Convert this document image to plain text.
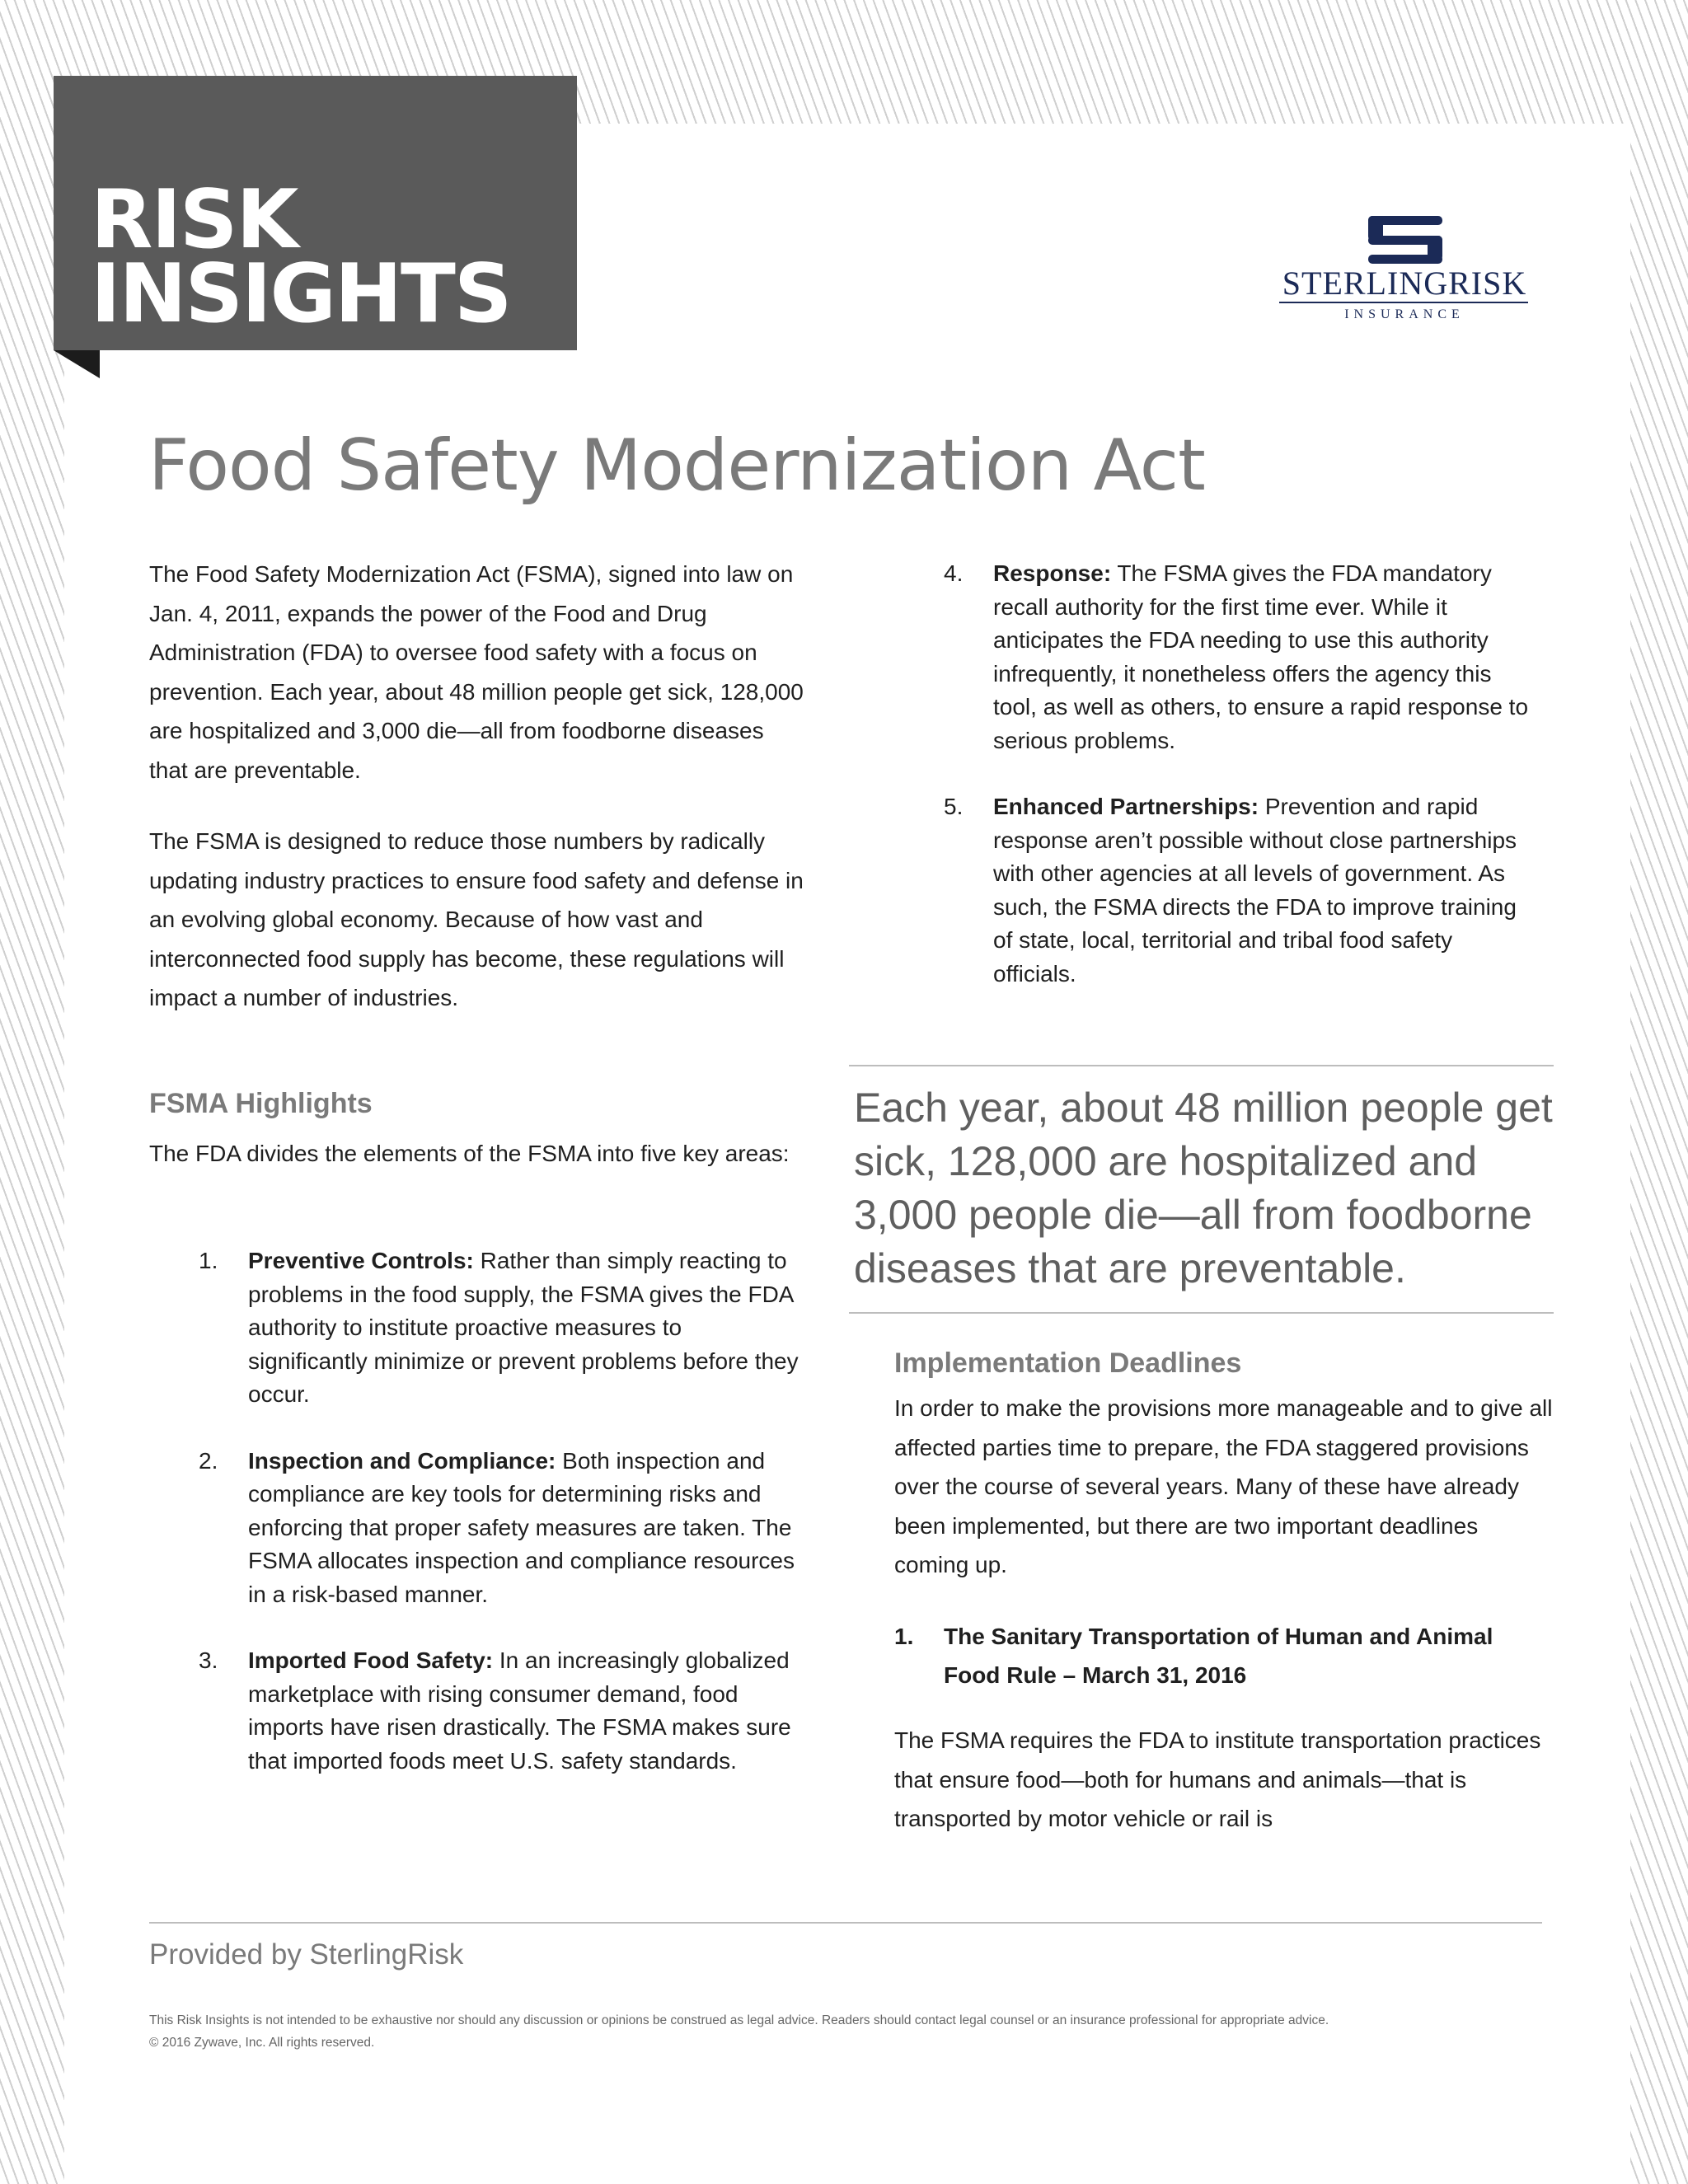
RISK
INSIGHTS	STERLINGRISK
INSURANCE
Food Safety Modernization Act

The Food Safety Modernization Act (FSMA), signed into law on Jan. 4, 2011, expands the power of the Food and Drug Administration (FDA) to oversee food safety with a focus on prevention. Each year, about 48 million people get sick, 128,000 are hospitalized and 3,000 die—all from foodborne diseases that are preventable.

The FSMA is designed to reduce those numbers by radically updating industry practices to ensure food safety and defense in an evolving global economy. Because of how vast and interconnected food supply has become, these regulations will impact a number of industries.

FSMA Highlights

The FDA divides the elements of the FSMA into five key areas:

1. Preventive Controls: Rather than simply reacting to problems in the food supply, the FSMA gives the FDA authority to institute proactive measures to significantly minimize or prevent problems before they occur.
2. Inspection and Compliance: Both inspection and compliance are key tools for determining risks and enforcing that proper safety measures are taken. The FSMA allocates inspection and compliance resources in a risk-based manner.
3. Imported Food Safety: In an increasingly globalized marketplace with rising consumer demand, food imports have risen drastically. The FSMA makes sure that imported foods meet U.S. safety standards.
4. Response: The FSMA gives the FDA mandatory recall authority for the first time ever. While it anticipates the FDA needing to use this authority infrequently, it nonetheless offers the agency this tool, as well as others, to ensure a rapid response to serious problems.
5. Enhanced Partnerships: Prevention and rapid response aren’t possible without close partnerships with other agencies at all levels of government. As such, the FSMA directs the FDA to improve training of state, local, territorial and tribal food safety officials.

Each year, about 48 million people get sick, 128,000 are hospitalized and 3,000 people die—all from foodborne diseases that are preventable.

Implementation Deadlines

In order to make the provisions more manageable and to give all affected parties time to prepare, the FDA staggered provisions over the course of several years. Many of these have already been implemented, but there are two important deadlines coming up.

1.	The Sanitary Transportation of Human and Animal Food Rule – March 31, 2016

The FSMA requires the FDA to institute transportation practices that ensure food—both for humans and animals—that is transported by motor vehicle or rail is

Provided by SterlingRisk
This Risk Insights is not intended to be exhaustive nor should any discussion or opinions be construed as legal advice. Readers should contact legal counsel or an insurance professional for appropriate advice.
© 2016 Zywave, Inc. All rights reserved.
